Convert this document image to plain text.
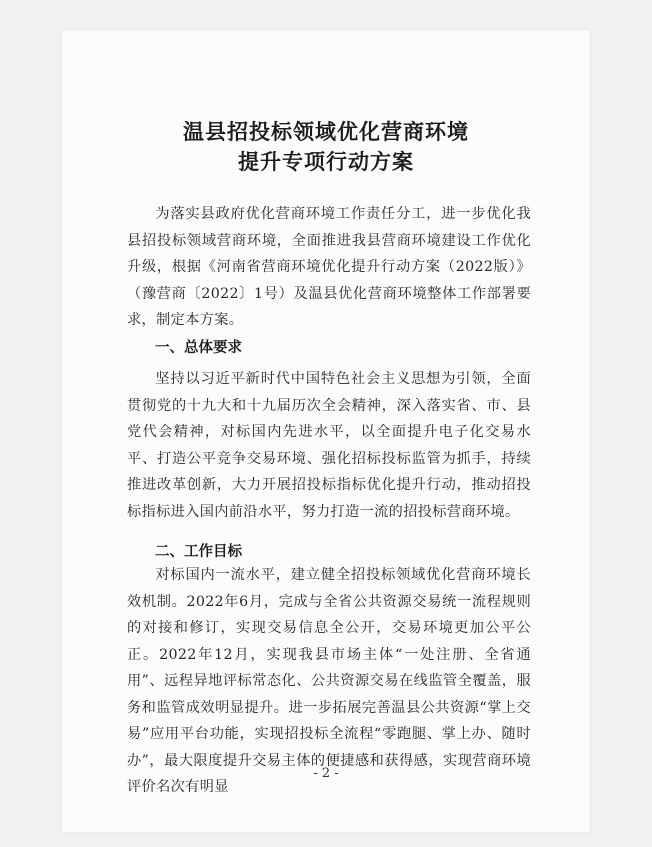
温县招投标领域优化营商环境
提升专项行动方案

为落实县政府优化营商环境工作责任分工，进一步优化我县招投标领域营商环境，全面推进我县营商环境建设工作优化升级，根据《河南省营商环境优化提升行动方案（2022版）》（豫营商〔2022〕1号）及温县优化营商环境整体工作部署要求，制定本方案。

一、总体要求

坚持以习近平新时代中国特色社会主义思想为引领，全面贯彻党的十九大和十九届历次全会精神，深入落实省、市、县党代会精神，对标国内先进水平，以全面提升电子化交易水平、打造公平竞争交易环境、强化招标投标监管为抓手，持续推进改革创新，大力开展招投标指标优化提升行动，推动招投标指标进入国内前沿水平，努力打造一流的招投标营商环境。

二、工作目标

对标国内一流水平，建立健全招投标领域优化营商环境长效机制。2022年6月，完成与全省公共资源交易统一流程规则的对接和修订，实现交易信息全公开，交易环境更加公平公正。2022年12月，实现我县市场主体“一处注册、全省通用”、远程异地评标常态化、公共资源交易在线监管全覆盖，服务和监管成效明显提升。进一步拓展完善温县公共资源“掌上交易”应用平台功能，实现招投标全流程“零跑腿、掌上办、随时办”，最大限度提升交易主体的便捷感和获得感，实现营商环境评价名次有明显

- 2 -
